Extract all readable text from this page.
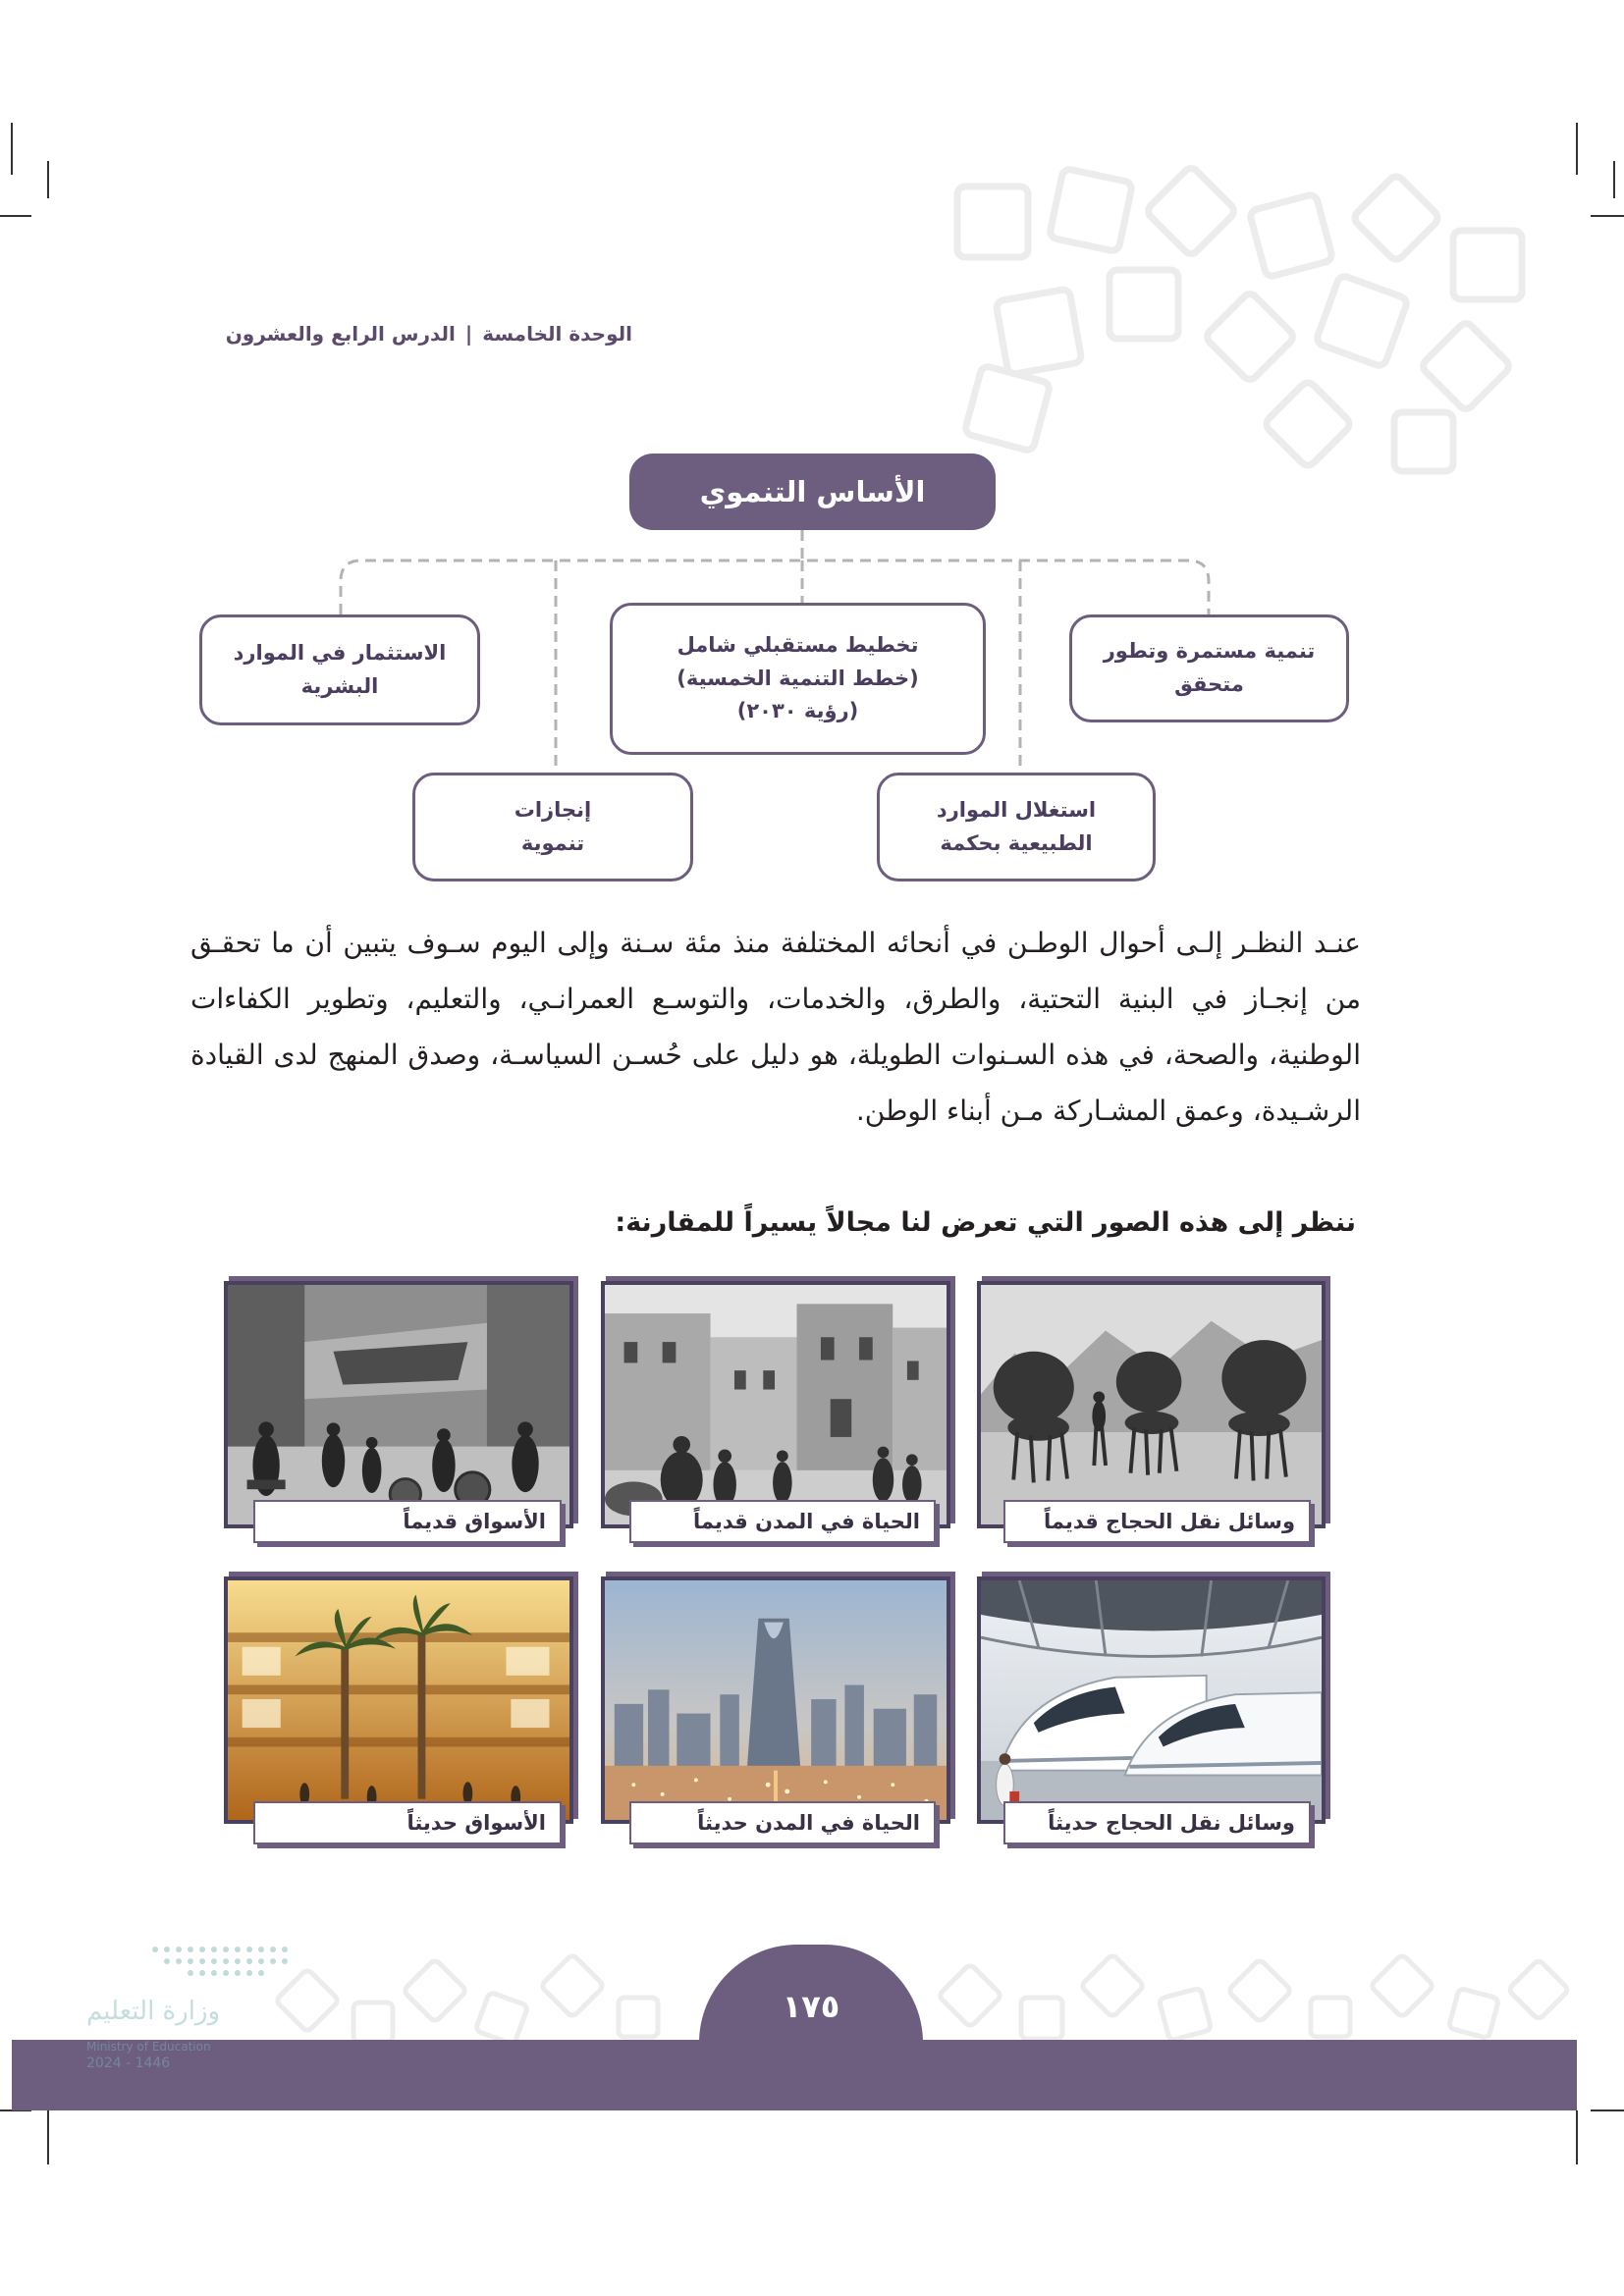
الوحدة الخامسة|الدرس الرابع والعشرون
الأساس التنموي
تنمية مستمرة وتطور
متحقق
تخطيط مستقبلي شامل
(خطط التنمية الخمسية)
(رؤية ٢٠٣٠)
الاستثمار في الموارد
البشرية
إنجازات
تنموية
استغلال الموارد
الطبيعية بحكمة

عنـد النظـر إلـى أحوال الوطـن في أنحائه المختلفة منذ مئة سـنة وإلى اليوم سـوف يتبين أن ما تحقـق من إنجـاز في البنية التحتية، والطرق، والخدمات، والتوسـع العمرانـي، والتعليم، وتطوير الكفاءات الوطنية، والصحة، في هذه السـنوات الطويلة، هو دليل على حُسـن السياسـة، وصدق المنهج لدى القيادة الرشـيدة، وعمق المشـاركة مـن أبناء الوطن.

ننظر إلى هذه الصور التي تعرض لنا مجالاً يسيراً للمقارنة:
وسائل نقل الحجاج قديماً
الحياة في المدن قديماً
الأسواق قديماً
وسائل نقل الحجاج حديثاً
الحياة في المدن حديثاً
الأسواق حديثاً
وزارة التعليم
Ministry of Education
2024 - 1446
١٧٥
